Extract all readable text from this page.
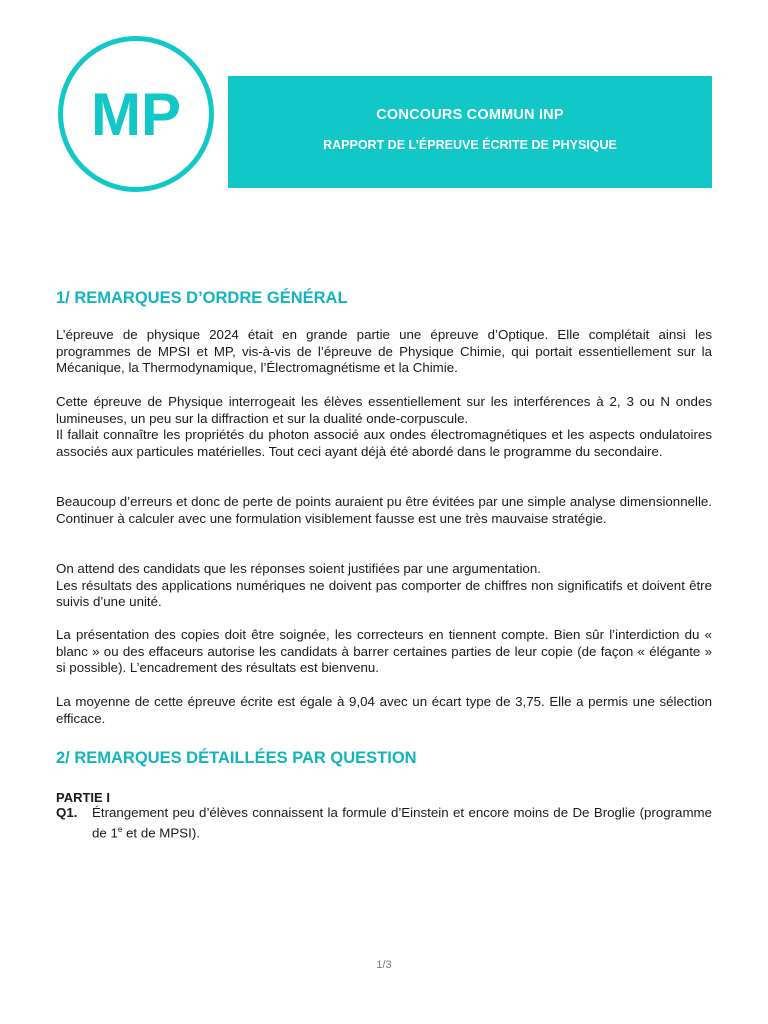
CONCOURS COMMUN INP
RAPPORT DE L’ÉPREUVE ÉCRITE DE PHYSIQUE
MP
1/ REMARQUES D’ORDRE GÉNÉRAL

L’épreuve de physique 2024 était en grande partie une épreuve d’Optique. Elle complétait ainsi les programmes de MPSI et MP, vis-à-vis de l’épreuve de Physique Chimie, qui portait essentiellement sur la Mécanique, la Thermodynamique, l’Électromagnétisme et la Chimie.

Cette épreuve de Physique interrogeait les élèves essentiellement sur les interférences à 2, 3 ou N ondes lumineuses, un peu sur la diffraction et sur la dualité onde-corpuscule.

Il fallait connaître les propriétés du photon associé aux ondes électromagnétiques et les aspects ondulatoires associés aux particules matérielles. Tout ceci ayant déjà été abordé dans le programme du secondaire.

Beaucoup d’erreurs et donc de perte de points auraient pu être évitées par une simple analyse dimensionnelle. Continuer à calculer avec une formulation visiblement fausse est une très mauvaise stratégie.

On attend des candidats que les réponses soient justifiées par une argumentation.

Les résultats des applications numériques ne doivent pas comporter de chiffres non significatifs et doivent être suivis d’une unité.

La présentation des copies doit être soignée, les correcteurs en tiennent compte. Bien sûr l’interdiction du « blanc » ou des effaceurs autorise les candidats à barrer certaines parties de leur copie (de façon « élégante » si possible). L’encadrement des résultats est bienvenu.

La moyenne de cette épreuve écrite est égale à 9,04 avec un écart type de 3,75. Elle a permis une sélection efficace.

2/ REMARQUES DÉTAILLÉES PAR QUESTION
PARTIE I
Q1.	Étrangement peu d’élèves connaissent la formule d’Einstein et encore moins de De Broglie (programme de 1e et de MPSI).
1/3
